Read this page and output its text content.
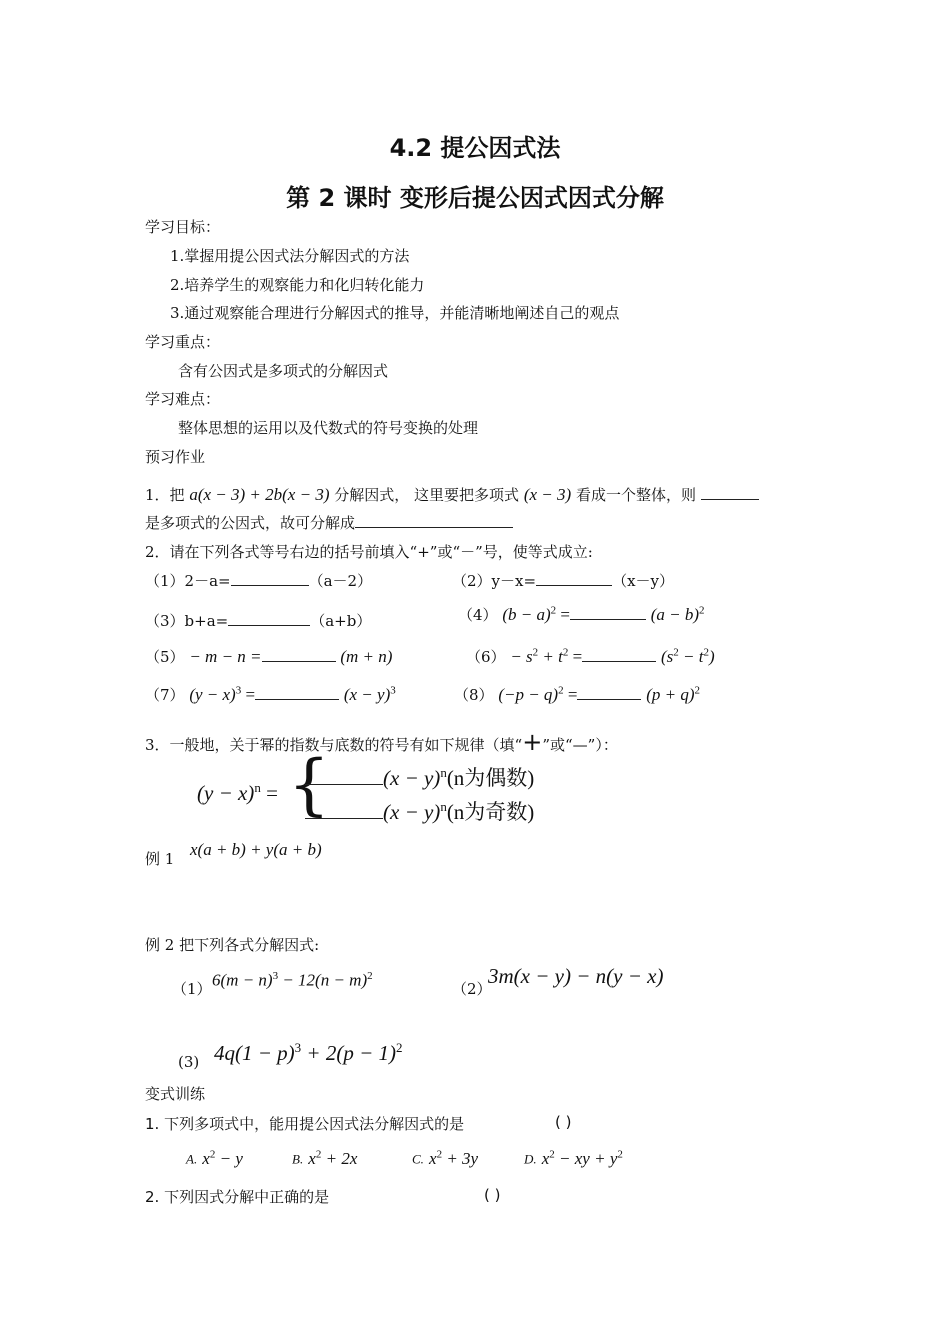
4.2 提公因式法
第 2 课时 变形后提公因式因式分解
学习目标：
1.掌握用提公因式法分解因式的方法
2.培养学生的观察能力和化归转化能力
3.通过观察能合理进行分解因式的推导，并能清晰地阐述自己的观点
学习重点：
含有公因式是多项式的分解因式
学习难点：
整体思想的运用以及代数式的符号变换的处理
预习作业
1．把 a(x − 3) + 2b(x − 3) 分解因式， 这里要把多项式 (x − 3) 看成一个整体，则
是多项式的公因式，故可分解成
2．请在下列各式等号右边的括号前填入“+”或“－”号，使等式成立:
（1）2－a=	（a－2）	（2）y－x=	（x－y）
（3）b+a=	（a+b）	（4） $(b - a)^2$ =	$(a - b)^2$
（5） − m − n =	(m + n)	$(6) - s^2 + t^2$ =	$(s^2 - t^2)$
（7） $(y - x)^3$ =	$(x - y)^3$	（8） $(-p - q)^2$ =	$(p + q)^2$
3．一般地，关于幂的指数与底数的符号有如下规律（填“+”或“—”）：
$(y - x)^n$ = {	$(x - y)^n(n$为偶数)
$(x - y)^n(n$为奇数)
例 1 x(a + b) + y(a + b)
例 2 把下列各式分解因式:
（1） $6(m - n)^3 - 12(n - m)^2$
（2）
3m(x − y) − n(y − x)
(3) $4q(1 - p)^3 + 2(p - 1)^2$
变式训练
1. 下列多项式中，能用提公因式法分解因式的是	( )
A. $x^2 - y$	B. $x^2 + 2x$	C. $x^2 + 3y$	D. $x^2$ − xy + $y^2$
2. 下列因式分解中正确的是	( )
